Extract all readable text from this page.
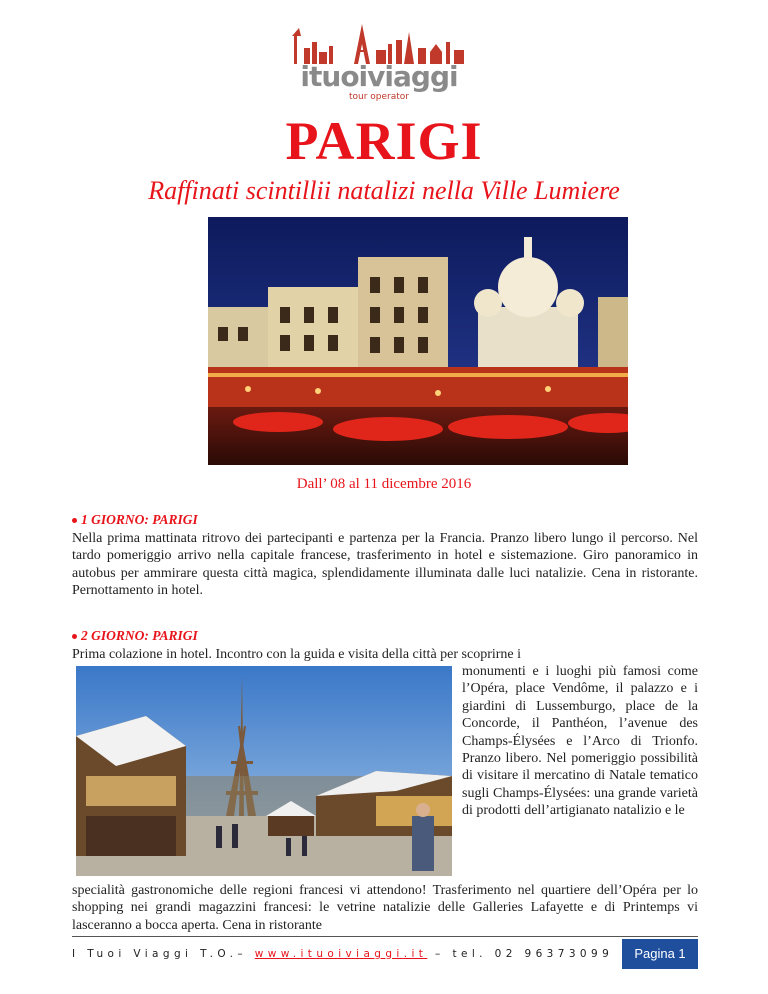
ituoiviaggi
tour operator
PARIGI
Raffinati scintillii natalizi nella Ville Lumiere
Dall’ 08 al 11 dicembre 2016
1 GIORNO: PARIGI

Nella prima mattinata ritrovo dei partecipanti e partenza per la Francia. Pranzo libero lungo il percorso. Nel tardo pomeriggio arrivo nella capitale francese, trasferimento in hotel e sistemazione. Giro panoramico in autobus per ammirare questa città magica, splendidamente illuminata dalle luci natalizie. Cena in ristorante. Pernottamento in hotel.

2 GIORNO: PARIGI

Prima colazione in hotel. Incontro con la guida e visita della città per scoprirne i

monumenti e i luoghi più famosi come l’Opéra, place Vendôme, il palazzo e i giardini di Lussemburgo, place de la Concorde, il Panthéon, l’avenue des Champs-Élysées e l’Arco di Trionfo. Pranzo libero. Nel pomeriggio possibilità di visitare il mercatino di Natale tematico sugli Champs-Élysées: una grande varietà di prodotti dell’artigianato natalizio e le

specialità gastronomiche delle regioni francesi vi attendono! Trasferimento nel quartiere dell’Opéra per lo shopping nei grandi magazzini francesi: le vetrine natalizie delle Galleries Lafayette e di Printemps vi lasceranno a bocca aperta. Cena in ristorante

I Tuoi Viaggi T.O.– www.ituoiviaggi.it – tel. 02 96373099	Pagina 1
